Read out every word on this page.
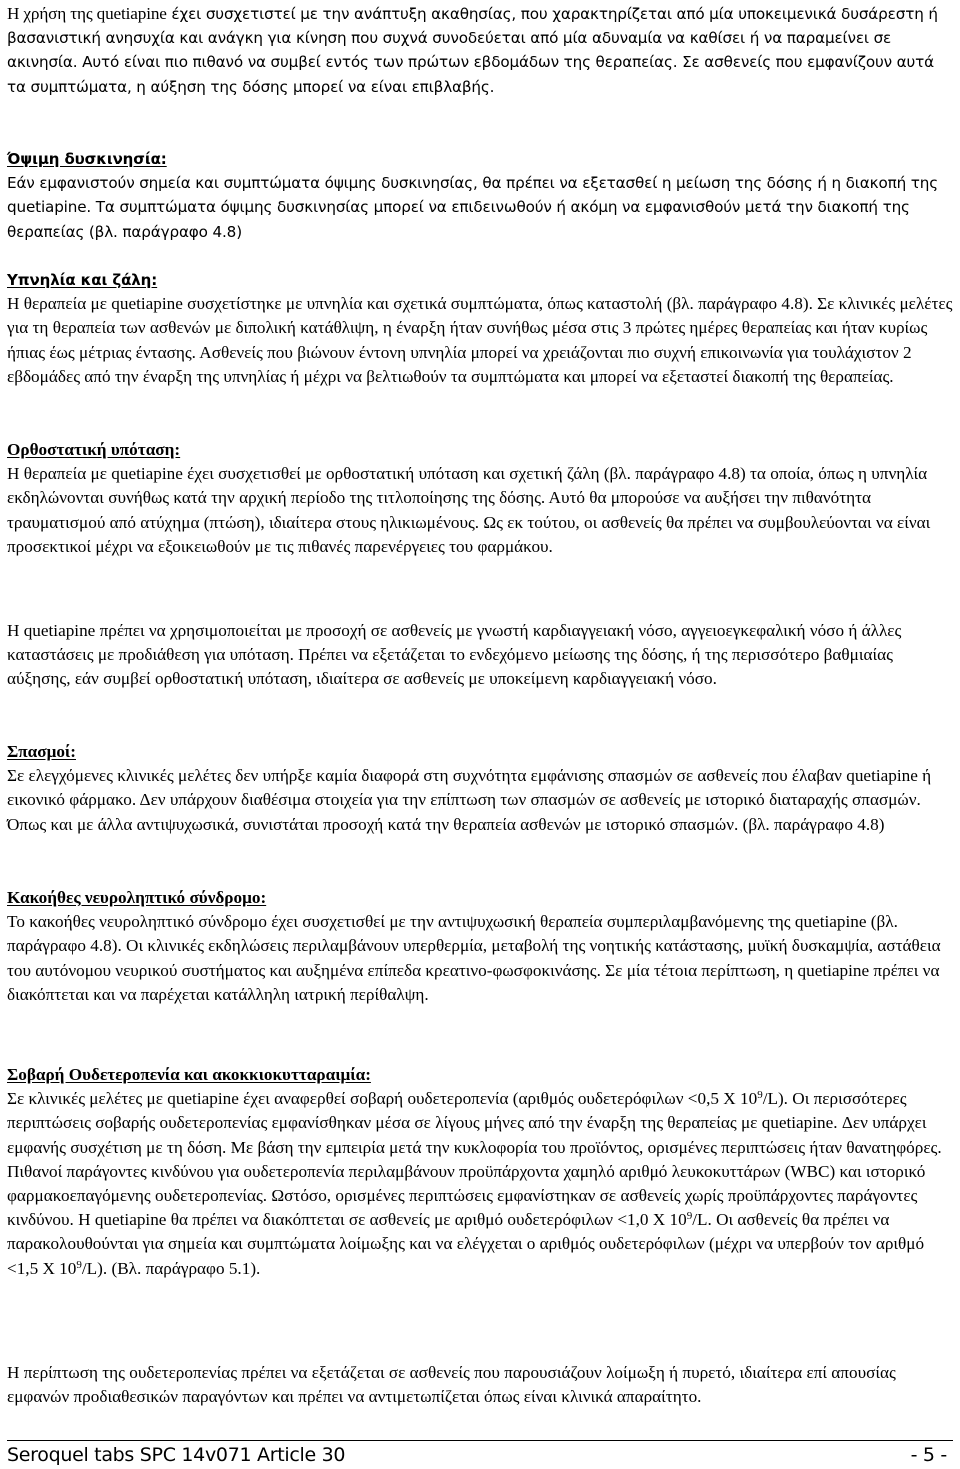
Η χρήση της quetiapine έχει συσχετιστεί με την ανάπτυξη ακαθησίας, που χαρακτηρίζεται από μία υποκειμενικά δυσάρεστη ή βασανιστική ανησυχία και ανάγκη για κίνηση που συχνά συνοδεύεται από μία αδυναμία να καθίσει ή να παραμείνει σε ακινησία. Αυτό είναι πιο πιθανό να συμβεί εντός των πρώτων εβδομάδων της θεραπείας. Σε ασθενείς που εμφανίζουν αυτά τα συμπτώματα, η αύξηση της δόσης μπορεί να είναι επιβλαβής.

Όψιμη δυσκινησία:

Εάν εμφανιστούν σημεία και συμπτώματα όψιμης δυσκινησίας, θα πρέπει να εξετασθεί η μείωση της δόσης ή η διακοπή της quetiapine. Τα συμπτώματα όψιμης δυσκινησίας μπορεί να επιδεινωθούν ή ακόμη να εμφανισθούν μετά την διακοπή της θεραπείας (βλ. παράγραφο 4.8)

Υπνηλία και ζάλη:

Η θεραπεία με quetiapine συσχετίστηκε με υπνηλία και σχετικά συμπτώματα, όπως καταστολή (βλ. παράγραφο 4.8). Σε κλινικές μελέτες για τη θεραπεία των ασθενών με διπολική κατάθλιψη, η έναρξη ήταν συνήθως μέσα στις 3 πρώτες ημέρες θεραπείας και ήταν κυρίως ήπιας έως μέτριας έντασης. Ασθενείς που βιώνουν έντονη υπνηλία μπορεί να χρειάζονται πιο συχνή επικοινωνία για τουλάχιστον 2 εβδομάδες από την έναρξη της υπνηλίας ή μέχρι να βελτιωθούν τα συμπτώματα και μπορεί να εξεταστεί διακοπή της θεραπείας.

Ορθοστατική υπόταση:

Η θεραπεία με quetiapine έχει συσχετισθεί με ορθοστατική υπόταση και σχετική ζάλη (βλ. παράγραφο 4.8) τα οποία, όπως η υπνηλία εκδηλώνονται συνήθως κατά την αρχική περίοδο της τιτλοποίησης της δόσης. Αυτό θα μπορούσε να αυξήσει την πιθανότητα τραυματισμού από ατύχημα (πτώση), ιδιαίτερα στους ηλικιωμένους. Ως εκ τούτου, οι ασθενείς θα πρέπει να συμβουλεύονται να είναι προσεκτικοί μέχρι να εξοικειωθούν με τις πιθανές παρενέργειες του φαρμάκου.

Η quetiapine πρέπει να χρησιμοποιείται με προσοχή σε ασθενείς με γνωστή καρδιαγγειακή νόσο, αγγειοεγκεφαλική νόσο ή άλλες καταστάσεις με προδιάθεση για υπόταση. Πρέπει να εξετάζεται το ενδεχόμενο μείωσης της δόσης, ή της περισσότερο βαθμιαίας αύξησης, εάν συμβεί ορθοστατική υπόταση, ιδιαίτερα σε ασθενείς με υποκείμενη καρδιαγγειακή νόσο.

Σπασμοί:

Σε ελεγχόμενες κλινικές μελέτες δεν υπήρξε καμία διαφορά στη συχνότητα εμφάνισης σπασμών σε ασθενείς που έλαβαν quetiapine ή εικονικό φάρμακο. Δεν υπάρχουν διαθέσιμα στοιχεία για την επίπτωση των σπασμών σε ασθενείς με ιστορικό διαταραχής σπασμών. Όπως και με άλλα αντιψυχωσικά, συνιστάται προσοχή κατά την θεραπεία ασθενών με ιστορικό σπασμών. (βλ. παράγραφο 4.8)

Κακοήθες νευροληπτικό σύνδρομο:

Το κακοήθες νευροληπτικό σύνδρομο έχει συσχετισθεί με την αντιψυχωσική θεραπεία συμπεριλαμβανόμενης της quetiapine (βλ. παράγραφο 4.8). Οι κλινικές εκδηλώσεις περιλαμβάνουν υπερθερμία, μεταβολή της νοητικής κατάστασης, μυϊκή δυσκαμψία, αστάθεια του αυτόνομου νευρικού συστήματος και αυξημένα επίπεδα κρεατινο-φωσφοκινάσης. Σε μία τέτοια περίπτωση, η quetiapine πρέπει να διακόπτεται και να παρέχεται κατάλληλη ιατρική περίθαλψη.

Σοβαρή Ουδετεροπενία και ακοκκιοκυτταραιμία:

Σε κλινικές μελέτες με quetiapine έχει αναφερθεί σοβαρή ουδετεροπενία (αριθμός ουδετερόφιλων <0,5 X $10^9/L$). Οι περισσότερες περιπτώσεις σοβαρής ουδετεροπενίας εμφανίσθηκαν μέσα σε λίγους μήνες από την έναρξη της θεραπείας με quetiapine. Δεν υπάρχει εμφανής συσχέτιση με τη δόση. Με βάση την εμπειρία μετά την κυκλοφορία του προϊόντος, ορισμένες περιπτώσεις ήταν θανατηφόρες. Πιθανοί παράγοντες κινδύνου για ουδετεροπενία περιλαμβάνουν προϋπάρχοντα χαμηλό αριθμό λευκοκυττάρων (WBC) και ιστορικό φαρμακοεπαγόμενης ουδετεροπενίας. Ωστόσο, ορισμένες περιπτώσεις εμφανίστηκαν σε ασθενείς χωρίς προϋπάρχοντες παράγοντες κινδύνου. Η quetiapine θα πρέπει να διακόπτεται σε ασθενείς με αριθμό ουδετερόφιλων <1,0 X $10^9/L$. Οι ασθενείς θα πρέπει να παρακολουθούνται για σημεία και συμπτώματα λοίμωξης και να ελέγχεται ο αριθμός ουδετερόφιλων (μέχρι να υπερβούν τον αριθμό <1,5 X $10^9/L$). (Βλ. παράγραφο 5.1).

Η περίπτωση της ουδετεροπενίας πρέπει να εξετάζεται σε ασθενείς που παρουσιάζουν λοίμωξη ή πυρετό, ιδιαίτερα επί απουσίας εμφανών προδιαθεσικών παραγόντων και πρέπει να αντιμετωπίζεται όπως είναι κλινικά απαραίτητο.

Seroquel tabs SPC 14v071 Article 30	- 5 -
